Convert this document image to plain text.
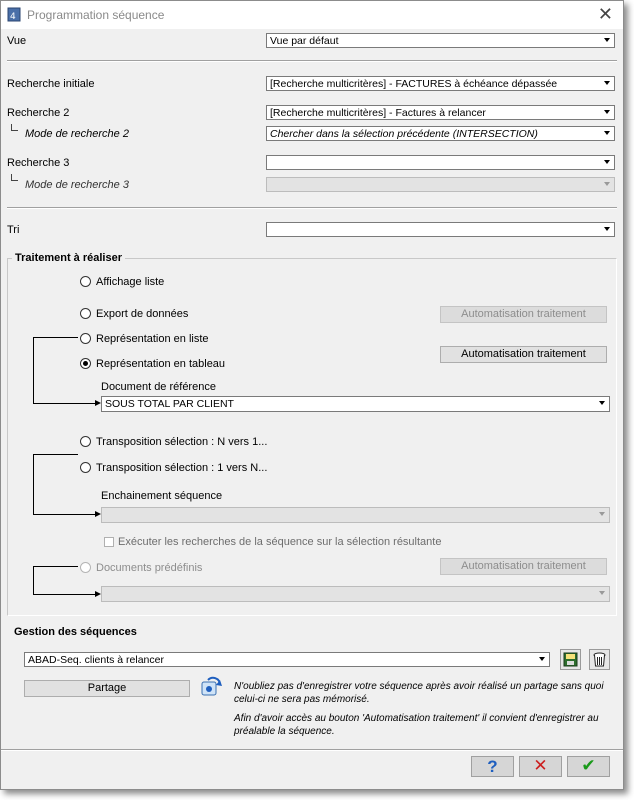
4 Programmation séquence	✕
Vue	Vue par défaut
Recherche initiale	[Recherche multicritères] - FACTURES à échéance dépassée
Recherche 2	[Recherche multicritères] - Factures à relancer
Mode de recherche 2	Chercher dans la sélection précédente (INTERSECTION)
Recherche 3
Mode de recherche 3
Tri
Traitement à réaliser
Affichage liste
Export de données	Automatisation traitement
Représentation en liste
Représentation en tableau
Automatisation traitement
Document de référence
SOUS TOTAL PAR CLIENT
Transposition sélection : N vers 1...
Transposition sélection : 1 vers N...
Enchainement séquence
Exécuter les recherches de la séquence sur la sélection résultante
Documents prédéfinis	Automatisation traitement
Gestion des séquences
ABAD-Seq. clients à relancer
Partage	N'oubliez pas d'enregistrer votre séquence après avoir réalisé un partage sans quoi celui-ci ne sera pas mémorisé.
Afin d'avoir accès au bouton 'Automatisation traitement' il convient d'enregistrer au préalable la séquence.
?	✕	✔
